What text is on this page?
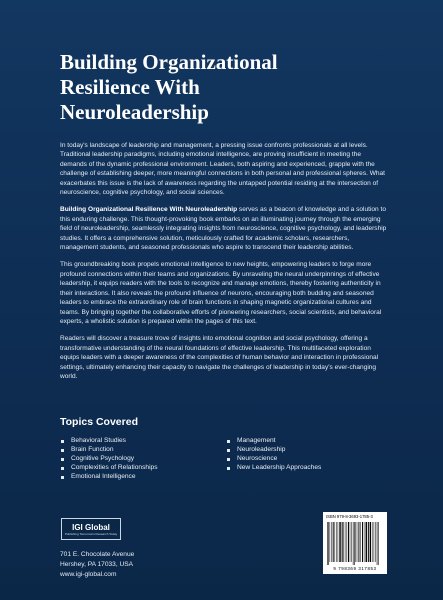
Building Organizational
Resilience With
Neuroleadership

In today's landscape of leadership and management, a pressing issue confronts professionals at all levels. Traditional leadership paradigms, including emotional intelligence, are proving insufficient in meeting the demands of the dynamic professional environment. Leaders, both aspiring and experienced, grapple with the challenge of establishing deeper, more meaningful connections in both personal and professional spheres. What exacerbates this issue is the lack of awareness regarding the untapped potential residing at the intersection of neuroscience, cognitive psychology, and social sciences.

Building Organizational Resilience With Neuroleadership serves as a beacon of knowledge and a solution to this enduring challenge. This thought-provoking book embarks on an illuminating journey through the emerging field of neuroleadership, seamlessly integrating insights from neuroscience, cognitive psychology, and leadership studies. It offers a comprehensive solution, meticulously crafted for academic scholars, researchers, management students, and seasoned professionals who aspire to transcend their leadership abilities.

This groundbreaking book propels emotional intelligence to new heights, empowering leaders to forge more profound connections within their teams and organizations. By unraveling the neural underpinnings of effective leadership, it equips readers with the tools to recognize and manage emotions, thereby fostering authenticity in their interactions. It also reveals the profound influence of neurons, encouraging both budding and seasoned leaders to embrace the extraordinary role of brain functions in shaping magnetic organizational cultures and teams. By bringing together the collaborative efforts of pioneering researchers, social scientists, and behavioral experts, a wholistic solution is prepared within the pages of this text.

Readers will discover a treasure trove of insights into emotional cognition and social psychology, offering a transformative understanding of the neural foundations of effective leadership. This multifaceted exploration equips leaders with a deeper awareness of the complexities of human behavior and interaction in professional settings, ultimately enhancing their capacity to navigate the challenges of leadership in today's ever-changing world.

Topics Covered
Behavioral Studies
Brain Function
Cognitive Psychology
Complexities of Relationships
Emotional Intelligence
Management
Neuroleadership
Neuroscience
New Leadership Approaches
IGI Global
Publishing Tomorrow's Research Today
701 E. Chocolate Avenue
Hershey, PA 17033, USA
www.igi-global.com
ISBN 979-8-3693-1785-3
9 798369 317853
